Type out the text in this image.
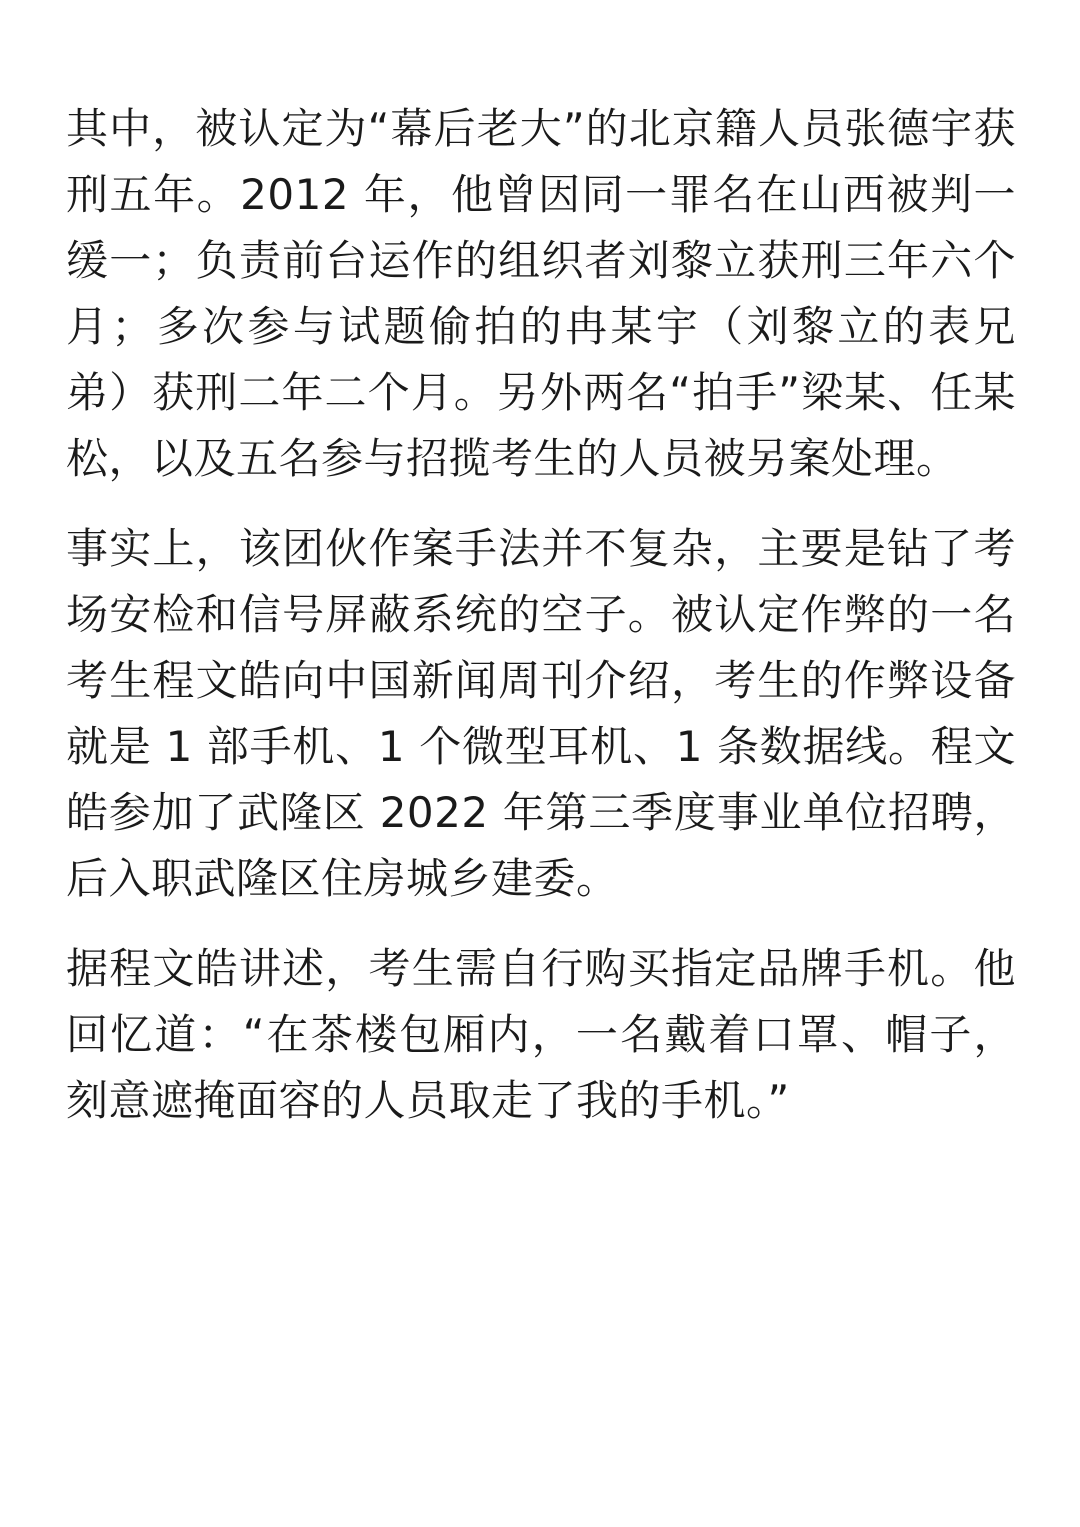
其中，被认定为“幕后老大”的北京籍人员张德宇获刑五年。2012 年，他曾因同一罪名在山西被判一缓一；负责前台运作的组织者刘黎立获刑三年六个月；多次参与试题偷拍的冉某宇（刘黎立的表兄弟）获刑二年二个月。另外两名“拍手”梁某、任某松，以及五名参与招揽考生的人员被另案处理。

事实上，该团伙作案手法并不复杂，主要是钻了考场安检和信号屏蔽系统的空子。被认定作弊的一名考生程文皓向中国新闻周刊介绍，考生的作弊设备就是 1 部手机、1 个微型耳机、1 条数据线。程文皓参加了武隆区 2022 年第三季度事业单位招聘，后入职武隆区住房城乡建委。

据程文皓讲述，考生需自行购买指定品牌手机。他回忆道：“在茶楼包厢内，一名戴着口罩、帽子，刻意遮掩面容的人员取走了我的手机。”
